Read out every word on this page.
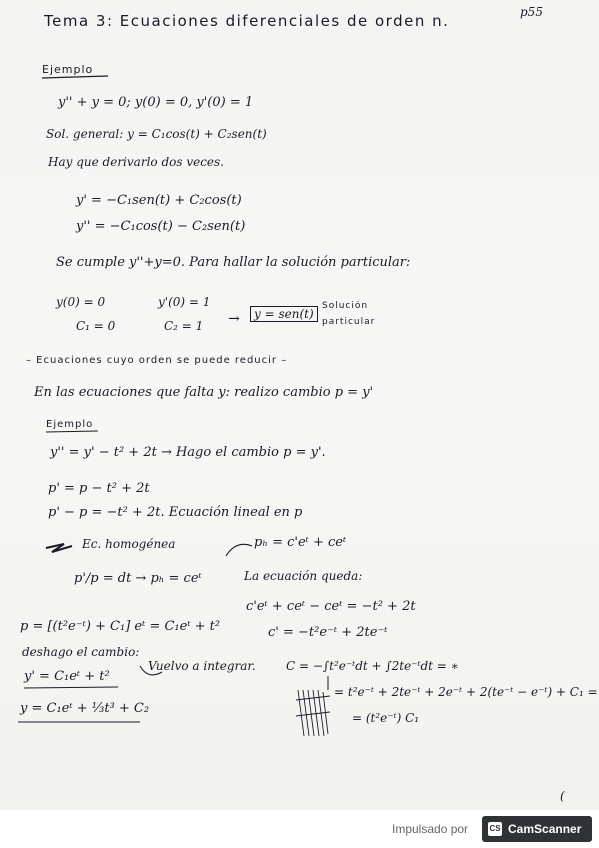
Tema 3: Ecuaciones diferenciales de orden n.	p55
Ejemplo
y'' + y = 0; y(0) = 0, y'(0) = 1
Sol. general: y = C₁cos(t) + C₂sen(t)
Hay que derivarlo dos veces.
y' = −C₁sen(t) + C₂cos(t)
y'' = −C₁cos(t) − C₂sen(t)
Se cumple y''+y=0. Para hallar la solución particular:
y(0) = 0
C₁ = 0
y'(0) = 1
C₂ = 1 →	y = sen(t)
Solución
particular
– Ecuaciones cuyo orden se puede reducir –
En las ecuaciones que falta y: realizo cambio p = y'
Ejemplo
y'' = y' − t² + 2t → Hago el cambio p = y'.
p' = p − t² + 2t
p' − p = −t² + 2t. Ecuación lineal en p
Ec. homogénea	pₕ = c'eᵗ + ceᵗ
p'/p = dt → pₕ = ceᵗ	La ecuación queda:
c'eᵗ + ceᵗ − ceᵗ = −t² + 2t
c' = −t²e⁻ᵗ + 2te⁻ᵗ
p = [(t²e⁻ᵗ) + C₁] eᵗ = C₁eᵗ + t²
deshago el cambio:
y' = C₁eᵗ + t²
Vuelvo a integrar.
y = C₁eᵗ + ⅓t³ + C₂
C = −∫t²e⁻ᵗdt + ∫2te⁻ᵗdt = ∗
= t²e⁻ᵗ + 2te⁻ᵗ + 2e⁻ᵗ + 2(te⁻ᵗ − e⁻ᵗ) + C₁ =
= (t²e⁻ᵗ) C₁
(
Impulsado por	CS CamScanner
